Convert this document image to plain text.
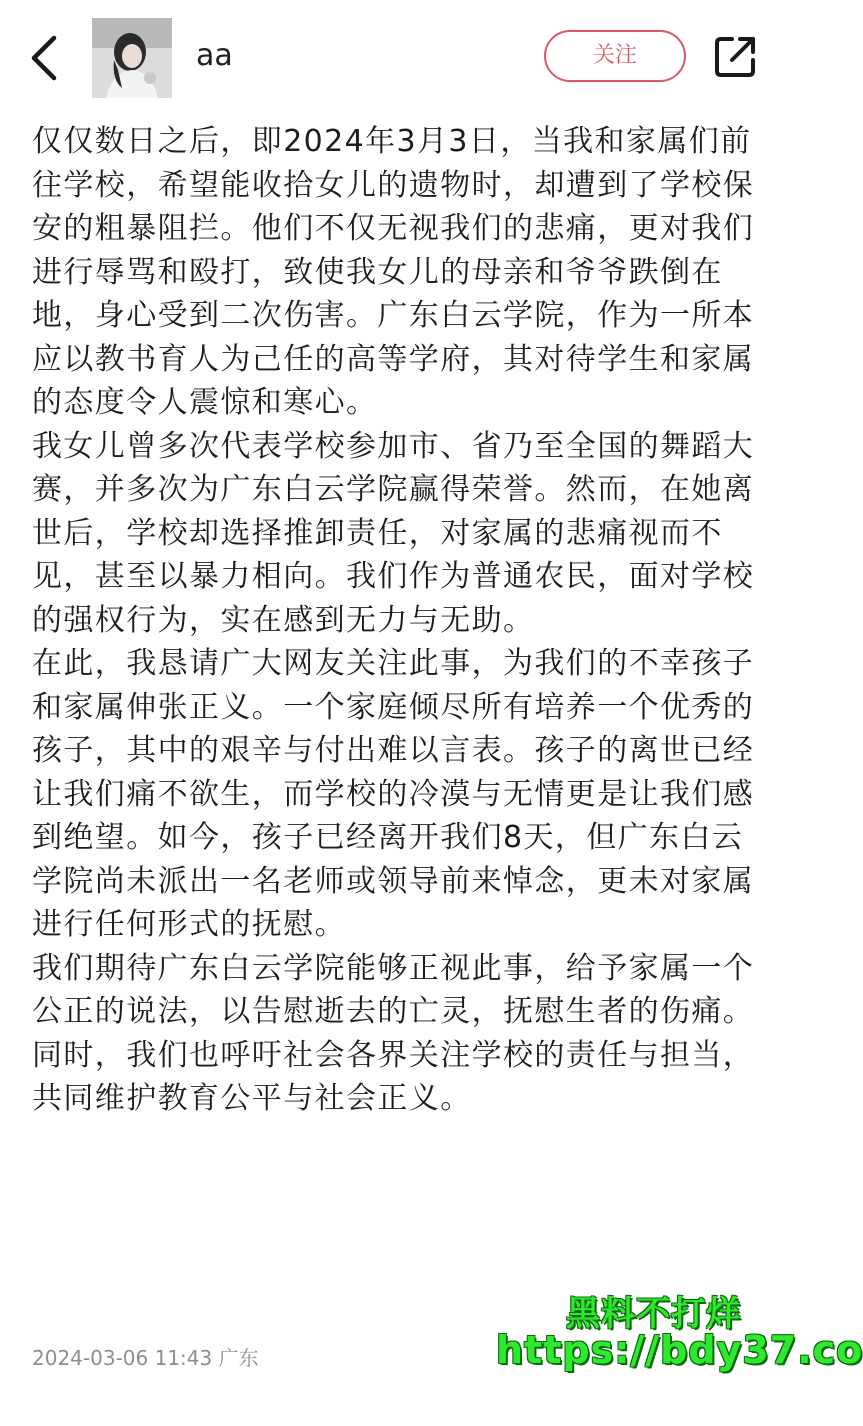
aa	关注

仅仅数日之后，即2024年3月3日，当我和家属们前往学校，希望能收拾女儿的遗物时，却遭到了学校保安的粗暴阻拦。他们不仅无视我们的悲痛，更对我们进行辱骂和殴打，致使我女儿的母亲和爷爷跌倒在地，身心受到二次伤害。广东白云学院，作为一所本应以教书育人为己任的高等学府，其对待学生和家属的态度令人震惊和寒心。

我女儿曾多次代表学校参加市、省乃至全国的舞蹈大赛，并多次为广东白云学院赢得荣誉。然而，在她离世后，学校却选择推卸责任，对家属的悲痛视而不见，甚至以暴力相向。我们作为普通农民，面对学校的强权行为，实在感到无力与无助。

在此，我恳请广大网友关注此事，为我们的不幸孩子和家属伸张正义。一个家庭倾尽所有培养一个优秀的孩子，其中的艰辛与付出难以言表。孩子的离世已经让我们痛不欲生，而学校的冷漠与无情更是让我们感到绝望。如今，孩子已经离开我们8天，但广东白云学院尚未派出一名老师或领导前来悼念，更未对家属进行任何形式的抚慰。

我们期待广东白云学院能够正视此事，给予家属一个公正的说法，以告慰逝去的亡灵，抚慰生者的伤痛。同时，我们也呼吁社会各界关注学校的责任与担当，共同维护教育公平与社会正义。

2024-03-06 11:43 广东
黑料不打烊
https://bdy37.co
